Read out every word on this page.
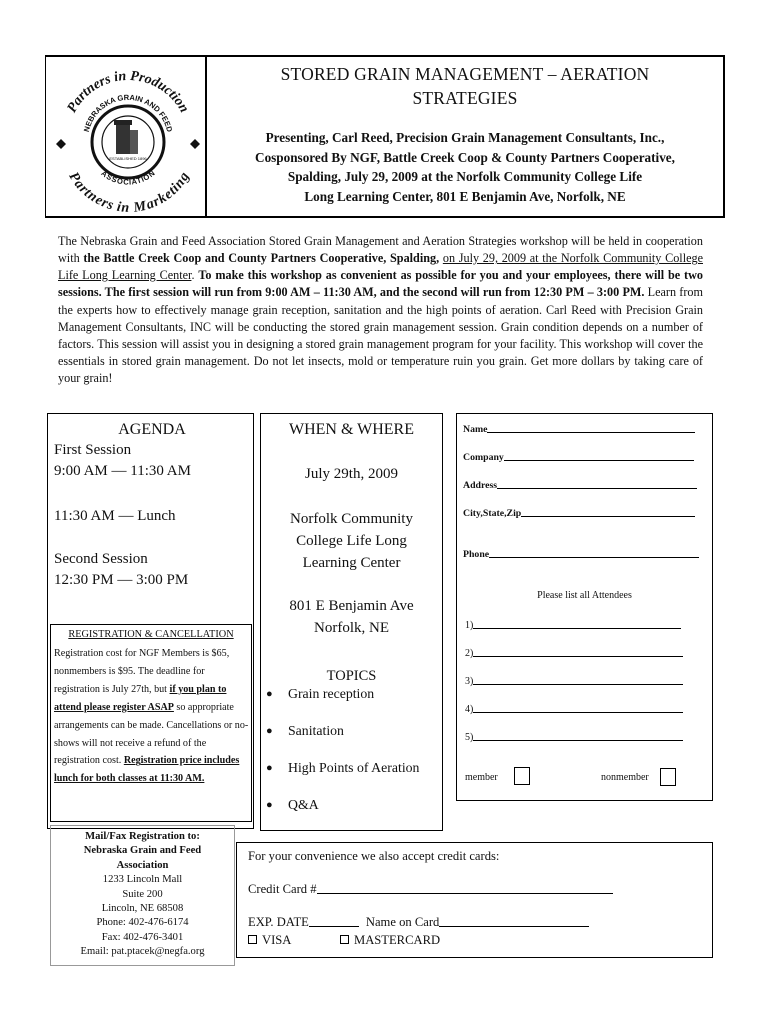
Partners in Production
Partners in Marketing
NEBRASKA GRAIN AND FEED
ASSOCIATION
ESTABLISHED 1896
STORED GRAIN MANAGEMENT – AERATION
STRATEGIES
Presenting, Carl Reed, Precision Grain Management Consultants, Inc.,
Cosponsored By NGF, Battle Creek Coop & County Partners Cooperative,
Spalding, July 29, 2009 at the Norfolk Community College Life
Long Learning Center, 801 E Benjamin Ave, Norfolk, NE
The Nebraska Grain and Feed Association Stored Grain Management and Aeration Strategies workshop will be held in cooperation with the Battle Creek Coop and County Partners Cooperative, Spalding, on July 29, 2009 at the Norfolk Community College Life Long Learning Center. To make this workshop as convenient as possible for you and your employees, there will be two sessions. The first session will run from 9:00 AM – 11:30 AM, and the second will run from 12:30 PM – 3:00 PM. Learn from the experts how to effectively manage grain reception, sanitation and the high points of aeration. Carl Reed with Precision Grain Management Consultants, INC will be conducting the stored grain management session. Grain condition depends on a number of factors. This session will assist you in designing a stored grain management program for your facility. This workshop will cover the essentials in stored grain management. Do not let insects, mold or temperature ruin you grain. Get more dollars by taking care of your grain!
AGENDA
First Session
9:00 AM — 11:30 AM
11:30 AM — Lunch
Second Session
12:30 PM — 3:00 PM
REGISTRATION & CANCELLATION
Registration cost for NGF Members is $65, nonmembers is $95. The deadline for registration is July 27th, but if you plan to attend please register ASAP so appropriate arrangements can be made. Cancellations or no-shows will not receive a refund of the registration cost. Registration price includes lunch for both classes at 11:30 AM.
WHEN & WHERE
July 29th, 2009
Norfolk Community
College Life Long
Learning Center
801 E Benjamin Ave
Norfolk, NE
TOPICS
● Grain reception
● Sanitation
● High Points of Aeration
● Q&A
Name
Company
Address
City,State,Zip
Phone
Please list all Attendees
1)
2)
3)
4)
5)
member	nonmember
Mail/Fax Registration to:
Nebraska Grain and Feed
Association
1233 Lincoln Mall
Suite 200
Lincoln, NE 68508
Phone: 402-476-6174
Fax: 402-476-3401
Email: pat.ptacek@negfa.org
For your convenience we also accept credit cards:
Credit Card #
EXP. DATE	Name on Card
VISA	MASTERCARD
